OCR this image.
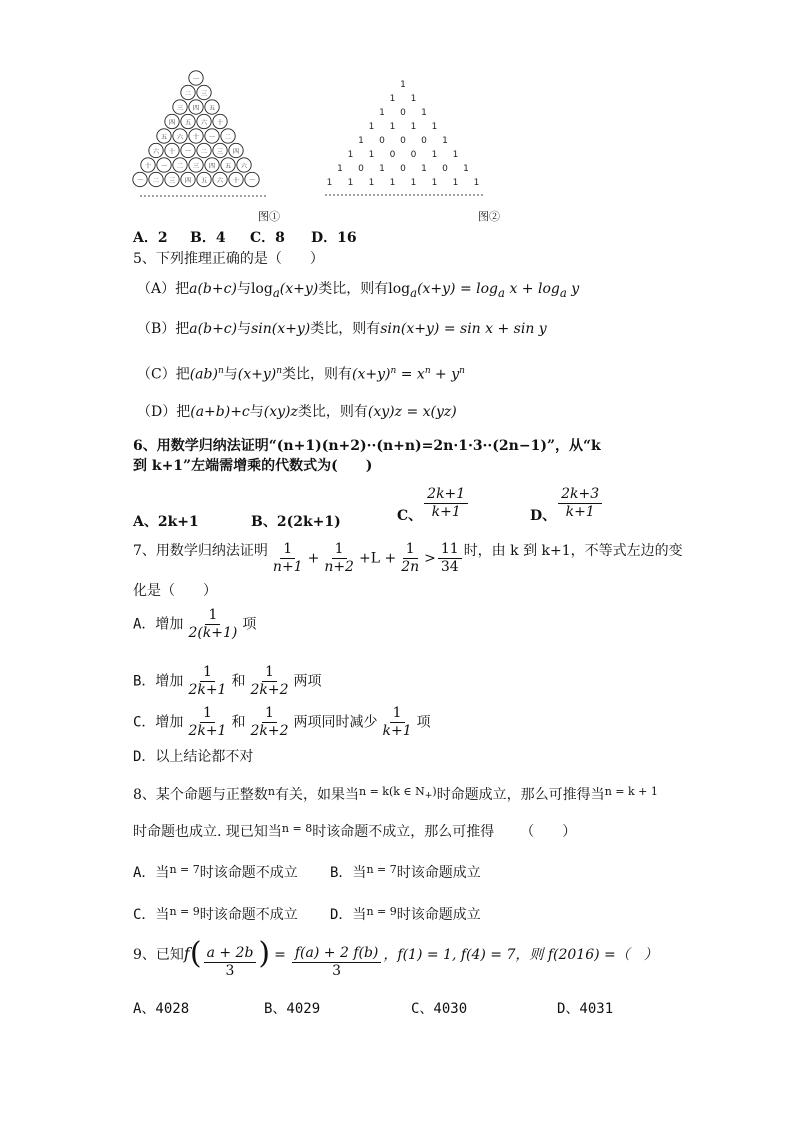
一
二 三
三 四 五
四 五 六 十
五 六 十 一 二
六 十 一 二 三 四
十 一 二 三 四 五 六
一 二 三 四 五 六 十 一
图①
1
1 1
1 0 1
1 1 1 1
1 0 0 0 1
1 1 0 0 1 1
1 0 1 0 1 0 1
1 1 1 1 1 1 1 1
图②
A．2 B．4 C．8 D．16
5、下列推理正确的是（　　）
（A）把a(b+c)与$\log_a(x+y)$类比，则有$\log_a(x+y) = \log_a x + \log_a y$
（B）把a(b+c)与sin(x+y)类比，则有sin(x+y) = sin x + sin y
（C）把(ab)$^n$与$(x+y)^n$类比，则有$(x+y)^n = x^n + y^n$
（D）把(a+b)+c与(xy)z类比，则有(xy)z = x(yz)
6、用数学归纳法证明“(n+1)(n+2)··(n+n)=2n·1·3··(2n−1)”，从“k
到 k+1”左端需增乘的代数式为(　　)
A、2k+1	B、2(2k+1)	C、 $\frac{2k+1}{k+1}$	D、 $\frac{2k+3}{k+1}$
7、用数学归纳法证明 $\frac{1}{n+1} + \frac{1}{n+2} +L + \frac{1}{2n} > \frac{11}{34}$ 时，由 k 到 k+1，不等式左边的变
化是（　　）
A．增加 $\frac{1}{2(k+1)}$ 项
B．增加 $\frac{1}{2k+1}$ 和 $\frac{1}{2k+2}$ 两项
C．增加 $\frac{1}{2k+1}$ 和 $\frac{1}{2k+2}$ 两项同时减少 $\frac{1}{k+1}$ 项
D．以上结论都不对
8、某个命题与正整数$^n$有关，如果当$^{n = k(k \in N_+)}$时命题成立，那么可推得当$^{n = k + 1}$
时命题也成立. 现已知当$^{n = 8}$时该命题不成立，那么可推得 （　　）
A．当$^{n = 7}$时该命题不成立 B．当$^{n = 7}$时该命题成立
C．当$^{n = 9}$时该命题不成立 D．当$^{n = 9}$时该命题成立
9、已知$f( \frac{a + 2b}{3}$ ) = $\frac{f(a) + 2 f(b)}{3}$ ，f(1) = 1, f(4) = 7，则 f(2016) =（　）
A、4028	B、4029	C、4030	D、4031
